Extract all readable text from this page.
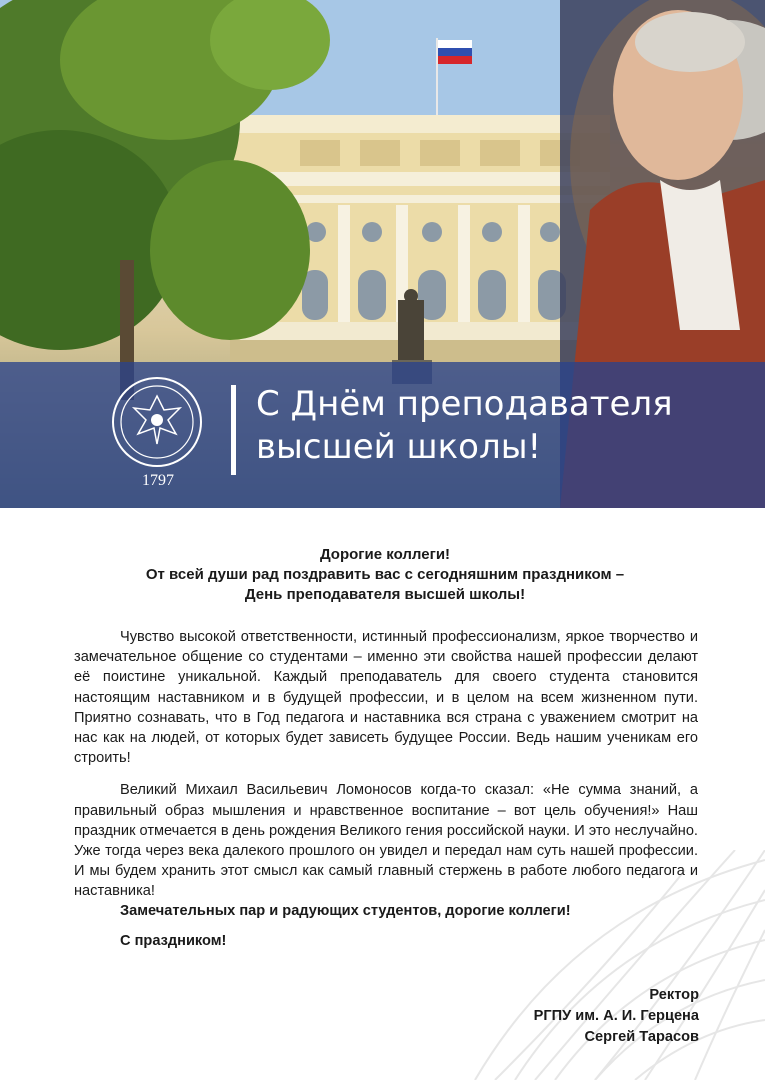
1797
С Днём преподавателя
высшей школы!
Дорогие коллеги!
От всей души рад поздравить вас с сегодняшним праздником –
День преподавателя высшей школы!

Чувство высокой ответственности, истинный профессионализм, яркое творчество и замечательное общение со студентами – именно эти свойства нашей профессии делают её поистине уникальной. Каждый преподаватель для своего студента становится настоящим наставником и в будущей профессии, и в целом на всем жизненном пути. Приятно сознавать, что в Год педагога и наставника вся страна с уважением смотрит на нас как на людей, от которых будет зависеть будущее России. Ведь нашим ученикам его строить!

Великий Михаил Васильевич Ломоносов когда-то сказал: «Не сумма знаний, а правильный образ мышления и нравственное воспитание – вот цель обучения!» Наш праздник отмечается в день рождения Великого гения российской науки. И это неслучайно. Уже тогда через века далекого прошлого он увидел и передал нам суть нашей профессии. И мы будем хранить этот смысл как самый главный стержень в работе любого педагога и наставника!

Замечательных пар и радующих студентов, дорогие коллеги!
С праздником!
Ректор
РГПУ им. А. И. Герцена
Сергей Тарасов
